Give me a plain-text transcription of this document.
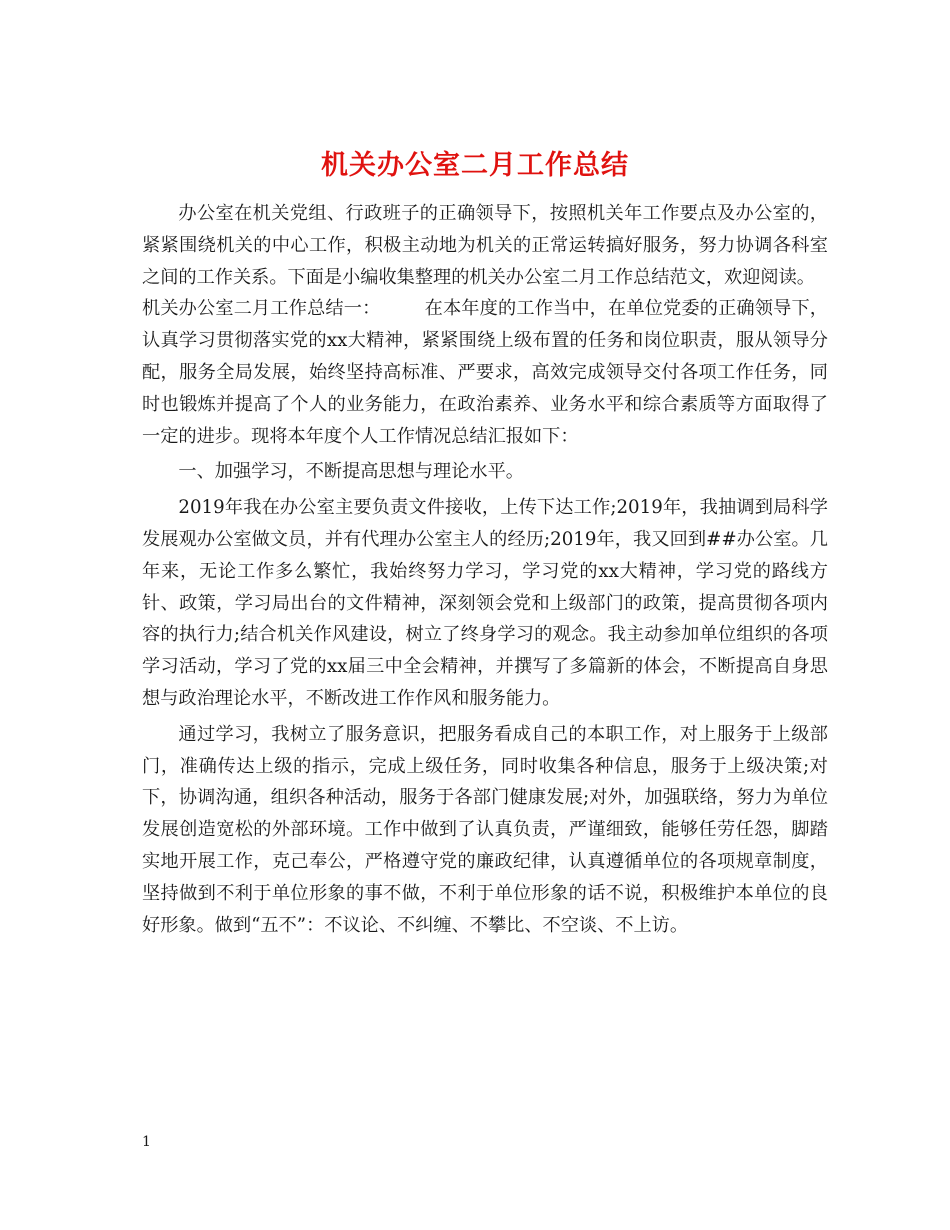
机关办公室二月工作总结

办公室在机关党组、行政班子的正确领导下，按照机关年工作要点及办公室的，紧紧围绕机关的中心工作，积极主动地为机关的正常运转搞好服务，努力协调各科室之间的工作关系。下面是小编收集整理的机关办公室二月工作总结范文，欢迎阅读。

机关办公室二月工作总结一： 在本年度的工作当中，在单位党委的正确领导下，认真学习贯彻落实党的xx大精神，紧紧围绕上级布置的任务和岗位职责，服从领导分配，服务全局发展，始终坚持高标准、严要求，高效完成领导交付各项工作任务，同时也锻炼并提高了个人的业务能力，在政治素养、业务水平和综合素质等方面取得了一定的进步。现将本年度个人工作情况总结汇报如下：

一、加强学习，不断提高思想与理论水平。

2019年我在办公室主要负责文件接收，上传下达工作;2019年，我抽调到局科学发展观办公室做文员，并有代理办公室主人的经历;2019年，我又回到##办公室。几年来，无论工作多么繁忙，我始终努力学习，学习党的xx大精神，学习党的路线方针、政策，学习局出台的文件精神，深刻领会党和上级部门的政策，提高贯彻各项内容的执行力;结合机关作风建设，树立了终身学习的观念。我主动参加单位组织的各项学习活动，学习了党的xx届三中全会精神，并撰写了多篇新的体会，不断提高自身思想与政治理论水平，不断改进工作作风和服务能力。

通过学习，我树立了服务意识，把服务看成自己的本职工作，对上服务于上级部门，准确传达上级的指示，完成上级任务，同时收集各种信息，服务于上级决策;对下，协调沟通，组织各种活动，服务于各部门健康发展;对外，加强联络，努力为单位发展创造宽松的外部环境。工作中做到了认真负责，严谨细致，能够任劳任怨，脚踏实地开展工作，克己奉公，严格遵守党的廉政纪律，认真遵循单位的各项规章制度，坚持做到不利于单位形象的事不做，不利于单位形象的话不说，积极维护本单位的良好形象。做到“五不”：不议论、不纠缠、不攀比、不空谈、不上访。

1
